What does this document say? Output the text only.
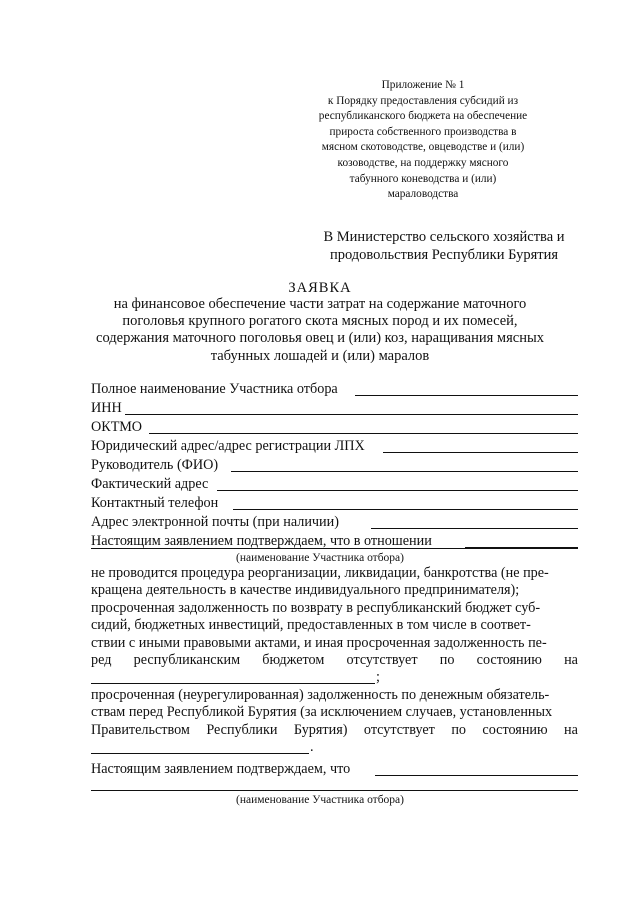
Приложение № 1
к Порядку предоставления субсидий из
республиканского бюджета на обеспечение
прироста собственного производства в
мясном скотоводстве, овцеводстве и (или)
козоводстве, на поддержку мясного
табунного коневодства и (или)
мараловодства
В Министерство сельского хозяйства и
продовольствия Республики Бурятия
ЗАЯВКА
на финансовое обеспечение части затрат на содержание маточного
поголовья крупного рогатого скота мясных пород и их помесей,
содержания маточного поголовья овец и (или) коз, наращивания мясных
табунных лошадей и (или) маралов
Полное наименование Участника отбора
ИНН
ОКТМО
Юридический адрес/адрес регистрации ЛПХ
Руководитель (ФИО)
Фактический адрес
Контактный телефон
Адрес электронной почты (при наличии)
Настоящим заявлением подтверждаем, что в отношении
(наименование Участника отбора)
не проводится процедура реорганизации, ликвидации, банкротства (не пре-
кращена деятельность в качестве индивидуального предпринимателя);
просроченная задолженность по возврату в республиканский бюджет суб-
сидий, бюджетных инвестиций, предоставленных в том числе в соответ-
ствии с иными правовыми актами, и иная просроченная задолженность пе-
ред республиканским бюджетом отсутствует по состоянию на
;
просроченная (неурегулированная) задолженность по денежным обязатель-
ствам перед Республикой Бурятия (за исключением случаев, установленных
Правительством Республики Бурятия) отсутствует по состоянию на
.
Настоящим заявлением подтверждаем, что
(наименование Участника отбора)
